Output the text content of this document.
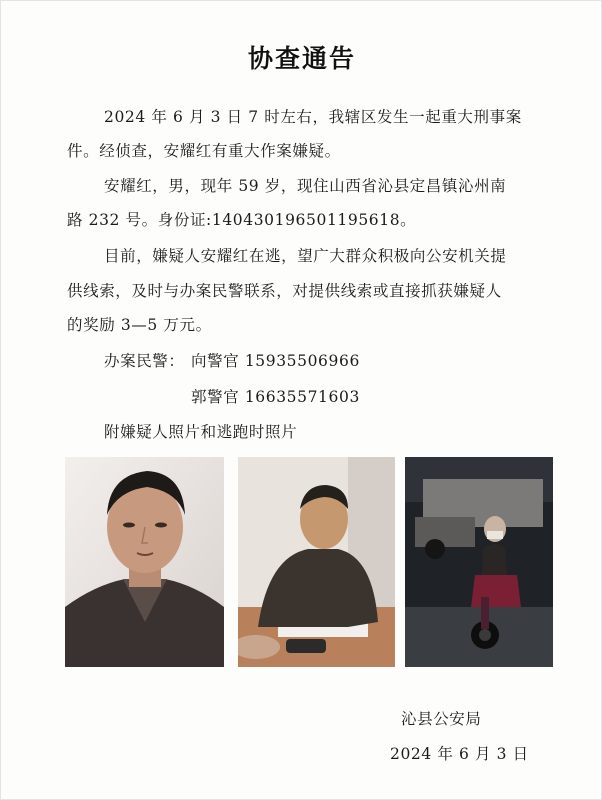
协查通告
2024 年 6 月 3 日 7 时左右，我辖区发生一起重大刑事案
件。经侦查，安耀红有重大作案嫌疑。
安耀红，男，现年 59 岁，现住山西省沁县定昌镇沁州南
路 232 号。身份证:140430196501195618。
目前，嫌疑人安耀红在逃，望广大群众积极向公安机关提
供线索，及时与办案民警联系，对提供线索或直接抓获嫌疑人
的奖励 3—5 万元。
办案民警： 向警官 15935506966
郭警官 16635571603
附嫌疑人照片和逃跑时照片
沁县公安局
2024 年 6 月 3 日
